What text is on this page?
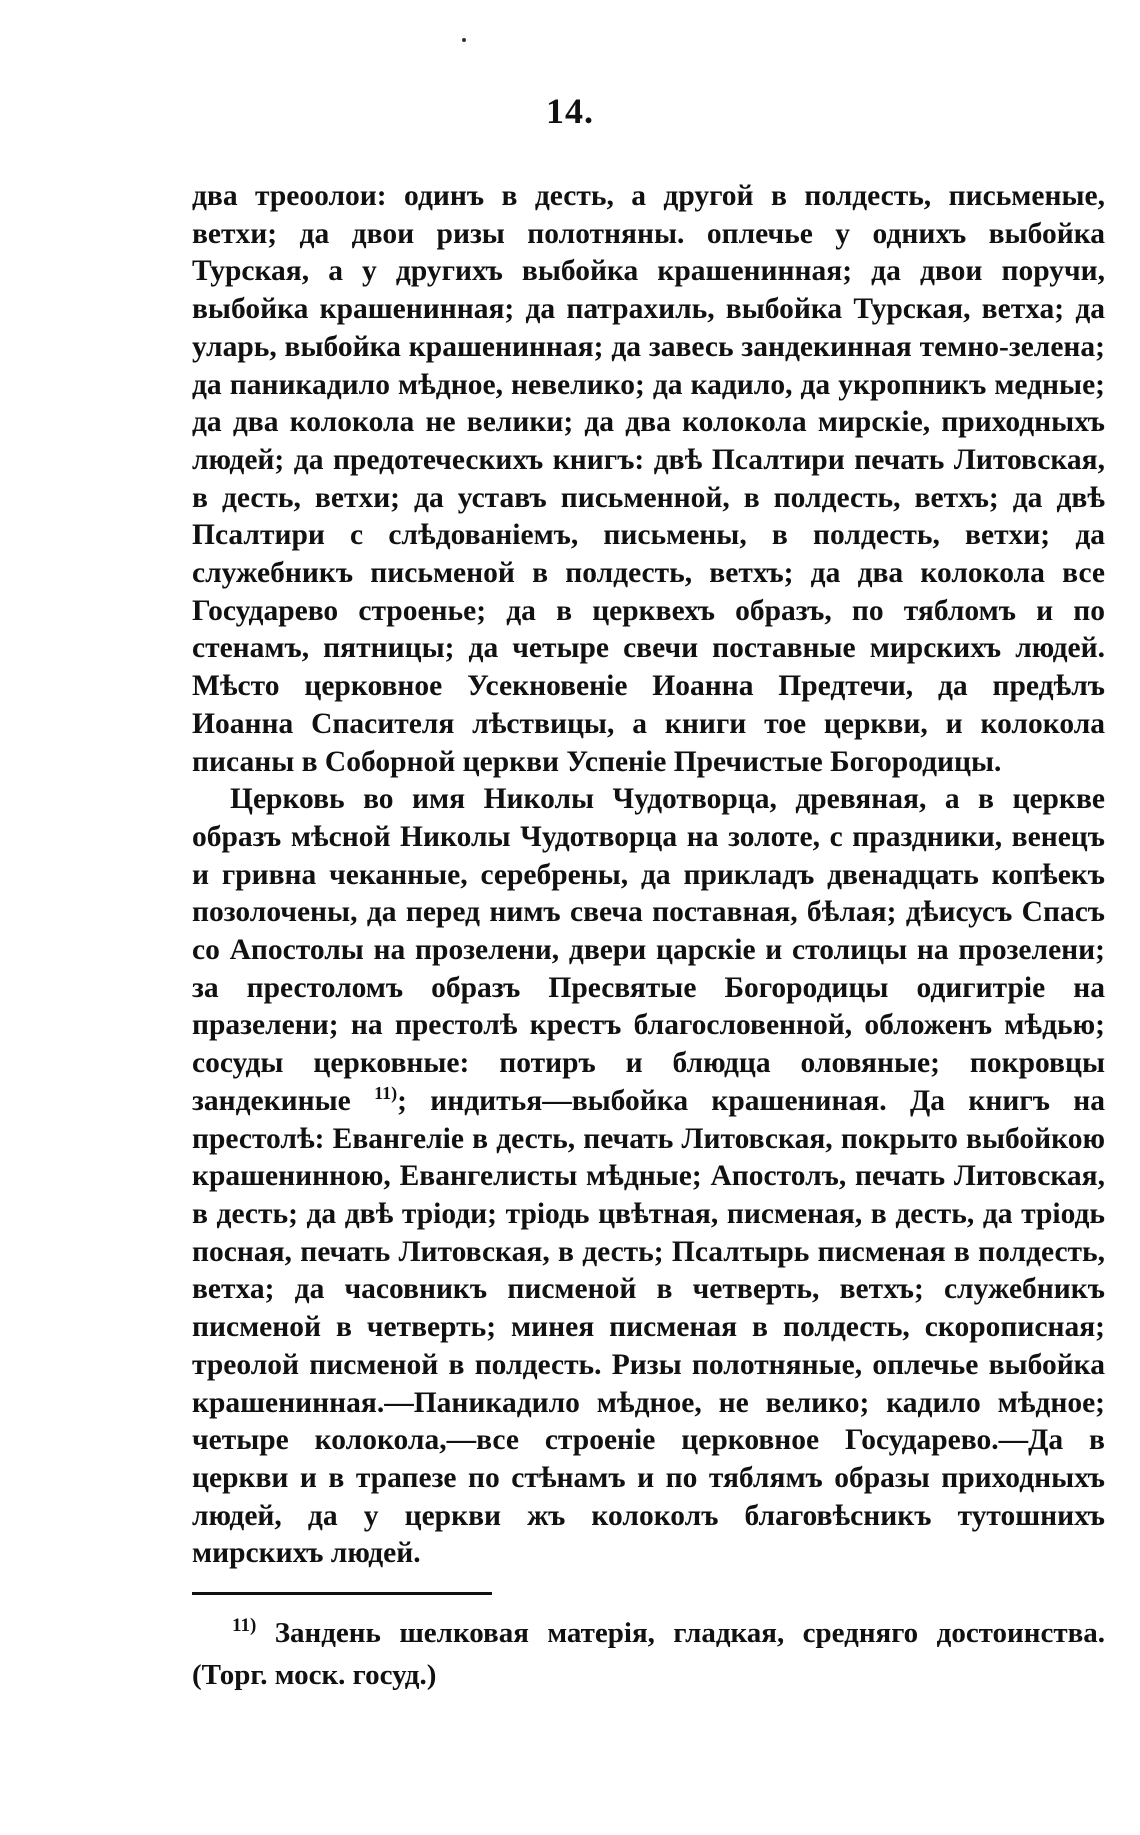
14.

два треоолои: одинъ в десть, а другой в полдесть, письменые, ветхи; да двои ризы полотняны. оплечье у однихъ выбойка Турская, а у другихъ выбойка крашенинная; да двои поручи, выбойка крашенинная; да патрахиль, выбойка Турская, ветха; да уларь, выбойка крашенинная; да завесь зандекинная темно-зелена; да паникадило мѣдное, невелико; да кадило, да укропникъ медные; да два колокола не велики; да два колокола мирскіе, приходныхъ людей; да предотеческихъ книгъ: двѣ Псалтири печать Литовская, в десть, ветхи; да уставъ письменной, в полдесть, ветхъ; да двѣ Псалтири с слѣдованіемъ, письмены, в полдесть, ветхи; да служебникъ письменой в полдесть, ветхъ; да два колокола все Государево строенье; да в церквехъ образъ, по тябломъ и по стенамъ, пятницы; да четыре свечи поставные мирскихъ людей. Мѣсто церковное Усекновеніе Иоанна Предтечи, да предѣлъ Иоанна Спасителя лѣствицы, а книги тое церкви, и колокола писаны в Соборной церкви Успеніе Пречистые Богородицы.

Церковь во имя Николы Чудотворца, древяная, а в церкве образъ мѣсной Николы Чудотворца на золоте, с праздники, венецъ и гривна чеканные, серебрены, да прикладъ двенадцать копѣекъ позолочены, да перед нимъ свеча поставная, бѣлая; дѣисусъ Спасъ со Апостолы на прозелени, двери царскіе и столицы на прозелени; за престоломъ образъ Пресвятые Богородицы одигитріе на празелени; на престолѣ крестъ благословенной, обложенъ мѣдью; сосуды церковные: потиръ и блюдца оловяные; покровцы зандекиные $^{11)}$; индитья—выбойка крашениная. Да книгъ на престолѣ: Евангеліе в десть, печать Литовская, покрыто выбойкою крашенинною, Евангелисты мѣдные; Апостолъ, печать Литовская, в десть; да двѣ тріоди; тріодь цвѣтная, писменая, в десть, да тріодь посная, печать Литовская, в десть; Псалтырь писменая в полдесть, ветха; да часовникъ писменой в четверть, ветхъ; служебникъ писменой в четверть; минея писменая в полдесть, скорописная; треолой писменой в полдесть. Ризы полотняные, оплечье выбойка крашенинная.—Паникадило мѣдное, не велико; кадило мѣдное; четыре колокола,—все строеніе церковное Государево.—Да в церкви и в трапезе по стѣнамъ и по тяблямъ образы приходныхъ людей, да у церкви жъ колоколъ благовѣсникъ тутошнихъ мирскихъ людей.

11) Зандень шелковая матерія, гладкая, средняго достоинства. (Торг. моск. госуд.)
